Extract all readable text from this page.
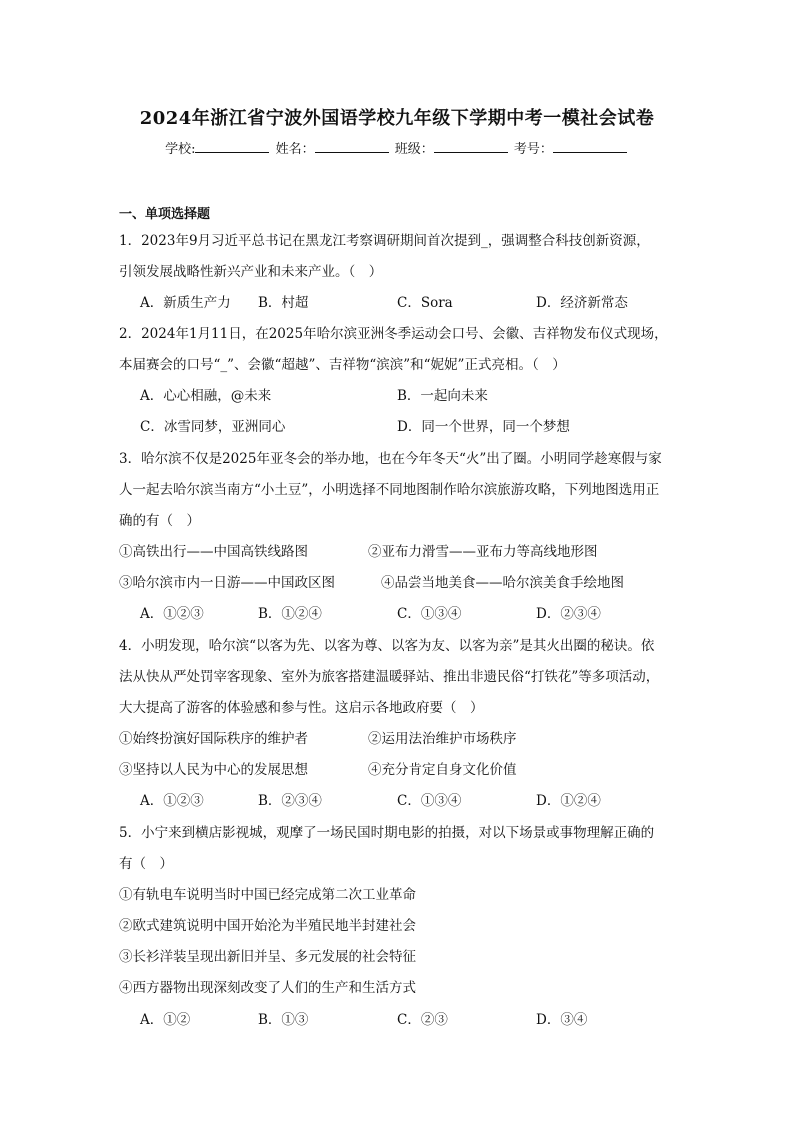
2024年浙江省宁波外国语学校九年级下学期中考一模社会试卷
学校:	姓名：	班级：	考号：
一、单项选择题
1．2023年9月习近平总书记在黑龙江考察调研期间首次提到_，强调整合科技创新资源，
引领发展战略性新兴产业和未来产业。（　）
A．新质生产力 B．村超	C．Sora	D．经济新常态
2．2024年1月11日，在2025年哈尔滨亚洲冬季运动会口号、会徽、吉祥物发布仪式现场，
本届赛会的口号“_”、会徽“超越”、吉祥物“滨滨”和“妮妮”正式亮相。（　）
A．心心相融，@未来	B．一起向未来
C．冰雪同梦，亚洲同心	D．同一个世界，同一个梦想
3．哈尔滨不仅是2025年亚冬会的举办地，也在今年冬天“火”出了圈。小明同学趁寒假与家
人一起去哈尔滨当南方“小土豆”，小明选择不同地图制作哈尔滨旅游攻略，下列地图选用正
确的有（　）
①高铁出行——中国高铁线路图	②亚布力滑雪——亚布力等高线地形图
③哈尔滨市内一日游——中国政区图	④品尝当地美食——哈尔滨美食手绘地图
A．①②③	B．①②④	C．①③④	D．②③④
4．小明发现，哈尔滨“以客为先、以客为尊、以客为友、以客为亲”是其火出圈的秘诀。依
法从快从严处罚宰客现象、室外为旅客搭建温暖驿站、推出非遗民俗“打铁花”等多项活动，
大大提高了游客的体验感和参与性。这启示各地政府要（　）
①始终扮演好国际秩序的维护者	②运用法治维护市场秩序
③坚持以人民为中心的发展思想	④充分肯定自身文化价值
A．①②③	B．②③④	C．①③④	D．①②④
5．小宁来到横店影视城，观摩了一场民国时期电影的拍摄，对以下场景或事物理解正确的
有（　）
①有轨电车说明当时中国已经完成第二次工业革命
②欧式建筑说明中国开始沦为半殖民地半封建社会
③长衫洋装呈现出新旧并呈、多元发展的社会特征
④西方器物出现深刻改变了人们的生产和生活方式
A．①②	B．①③	C．②③	D．③④
